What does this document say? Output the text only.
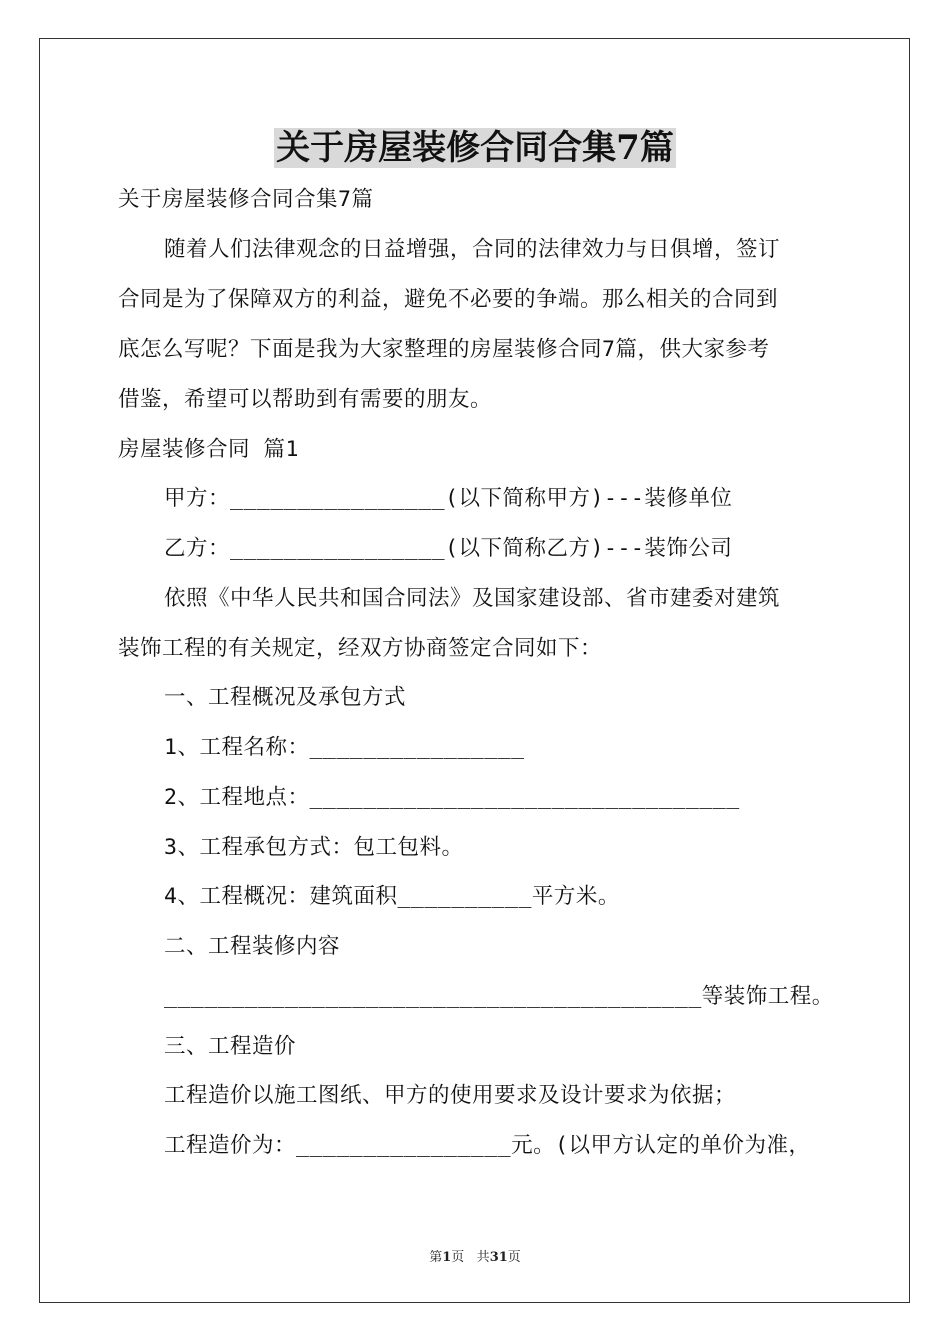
关于房屋装修合同合集7篇
关于房屋装修合同合集7篇
随着人们法律观念的日益增强，合同的法律效力与日俱增，签订
合同是为了保障双方的利益，避免不必要的争端。那么相关的合同到
底怎么写呢？下面是我为大家整理的房屋装修合同7篇，供大家参考
借鉴，希望可以帮助到有需要的朋友。
房屋装修合同 篇1
甲方：________________(以下简称甲方)---装修单位
乙方：________________(以下简称乙方)---装饰公司
依照《中华人民共和国合同法》及国家建设部、省市建委对建筑
装饰工程的有关规定，经双方协商签定合同如下：
一、工程概况及承包方式
1、工程名称：________________
2、工程地点：________________________________
3、工程承包方式：包工包料。
4、工程概况：建筑面积__________平方米。
二、工程装修内容
________________________________________等装饰工程。
三、工程造价
工程造价以施工图纸、甲方的使用要求及设计要求为依据；
工程造价为：________________元。(以甲方认定的单价为准，
第1页 共31页
